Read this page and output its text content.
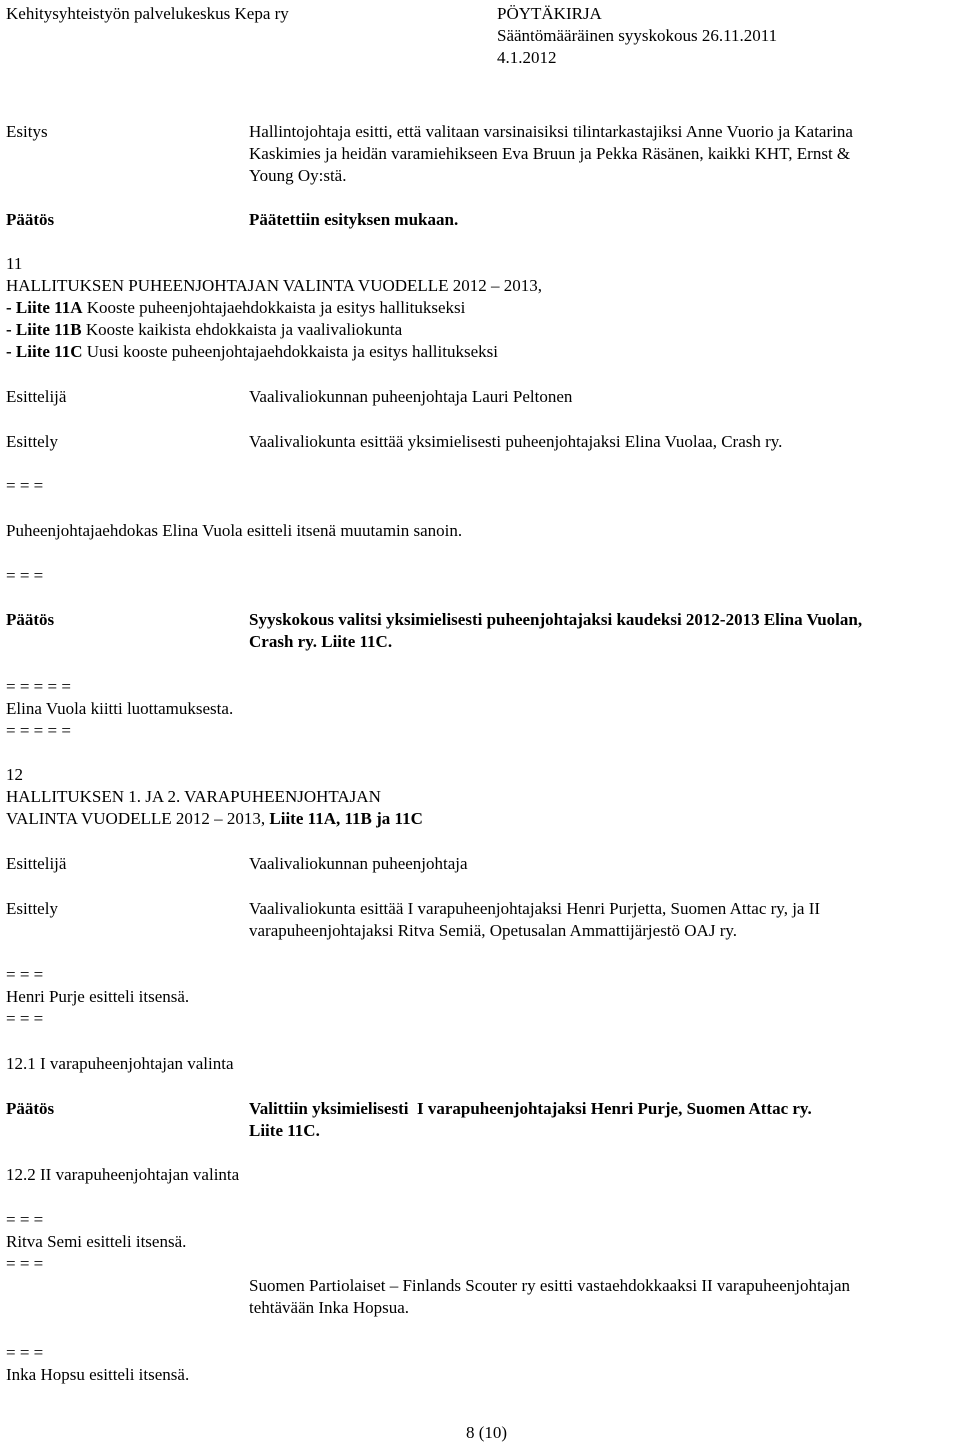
Kehitysyhteistyön palvelukeskus Kepa ry	PÖYTÄKIRJA
Sääntömääräinen syyskokous 26.11.2011
4.1.2012
Esitys	Hallintojohtaja esitti, että valitaan varsinaisiksi tilintarkastajiksi Anne Vuorio ja Katarina
Kaskimies ja heidän varamiehikseen Eva Bruun ja Pekka Räsänen, kaikki KHT, Ernst &
Young Oy:stä.
Päätös	Päätettiin esityksen mukaan.
11
HALLITUKSEN PUHEENJOHTAJAN VALINTA VUODELLE 2012 – 2013,
- Liite 11A Kooste puheenjohtajaehdokkaista ja esitys hallitukseksi
- Liite 11B Kooste kaikista ehdokkaista ja vaalivaliokunta
- Liite 11C Uusi kooste puheenjohtajaehdokkaista ja esitys hallitukseksi
Esittelijä	Vaalivaliokunnan puheenjohtaja Lauri Peltonen
Esittely	Vaalivaliokunta esittää yksimielisesti puheenjohtajaksi Elina Vuolaa, Crash ry.
= = =
Puheenjohtajaehdokas Elina Vuola esitteli itsenä muutamin sanoin.
= = =
Päätös	Syyskokous valitsi yksimielisesti puheenjohtajaksi kaudeksi 2012-2013 Elina Vuolan,
Crash ry. Liite 11C.
= = = = =
Elina Vuola kiitti luottamuksesta.
= = = = =
12
HALLITUKSEN 1. JA 2. VARAPUHEENJOHTAJAN
VALINTA VUODELLE 2012 – 2013, Liite 11A, 11B ja 11C
Esittelijä	Vaalivaliokunnan puheenjohtaja
Esittely	Vaalivaliokunta esittää I varapuheenjohtajaksi Henri Purjetta, Suomen Attac ry, ja II
varapuheenjohtajaksi Ritva Semiä, Opetusalan Ammattijärjestö OAJ ry.
= = =
Henri Purje esitteli itsensä.
= = =
12.1 I varapuheenjohtajan valinta
Päätös	Valittiin yksimielisesti  I varapuheenjohtajaksi Henri Purje, Suomen Attac ry.
Liite 11C.
12.2 II varapuheenjohtajan valinta
= = =
Ritva Semi esitteli itsensä.
= = =
Suomen Partiolaiset – Finlands Scouter ry esitti vastaehdokkaaksi II varapuheenjohtajan
tehtävään Inka Hopsua.
= = =
Inka Hopsu esitteli itsensä.
8 (10)
